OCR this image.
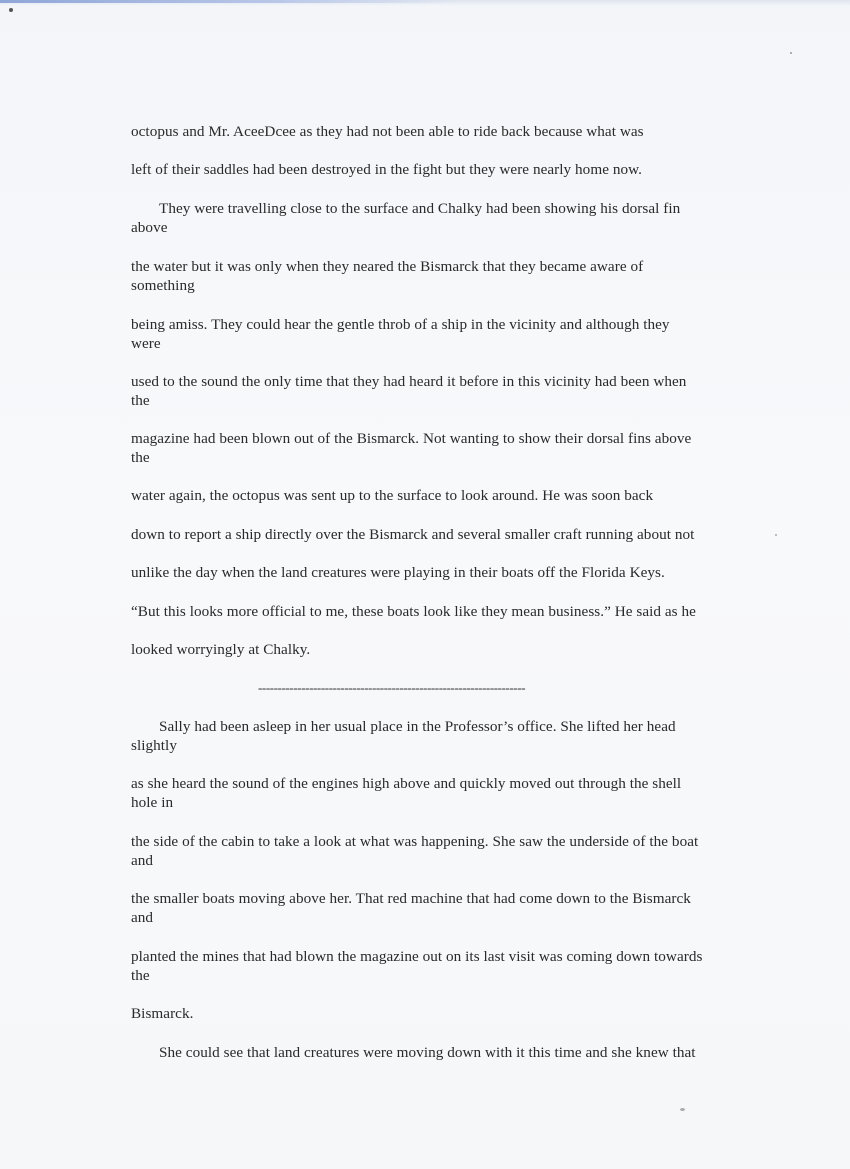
octopus and Mr. AceeDcee as they had not been able to ride back because what was
left of their saddles had been destroyed in the fight but they were nearly home now.
They were travelling close to the surface and Chalky had been showing his dorsal fin
above
the water but it was only when they neared the Bismarck that they became aware of
something
being amiss. They could hear the gentle throb of a ship in the vicinity and although they
were
used to the sound the only time that they had heard it before in this vicinity had been when
the
magazine had been blown out of the Bismarck. Not wanting to show their dorsal fins above
the
water again, the octopus was sent up to the surface to look around. He was soon back
down to report a ship directly over the Bismarck and several smaller craft running about not
unlike the day when the land creatures were playing in their boats off the Florida Keys.
“But this looks more official to me, these boats look like they mean business.” He said as he
looked worryingly at Chalky.
--------------------------------------------------------------------
Sally had been asleep in her usual place in the Professor’s office. She lifted her head
slightly
as she heard the sound of the engines high above and quickly moved out through the shell
hole in
the side of the cabin to take a look at what was happening. She saw the underside of the boat
and
the smaller boats moving above her. That red machine that had come down to the Bismarck
and
planted the mines that had blown the magazine out on its last visit was coming down towards
the
Bismarck.
She could see that land creatures were moving down with it this time and she knew that
